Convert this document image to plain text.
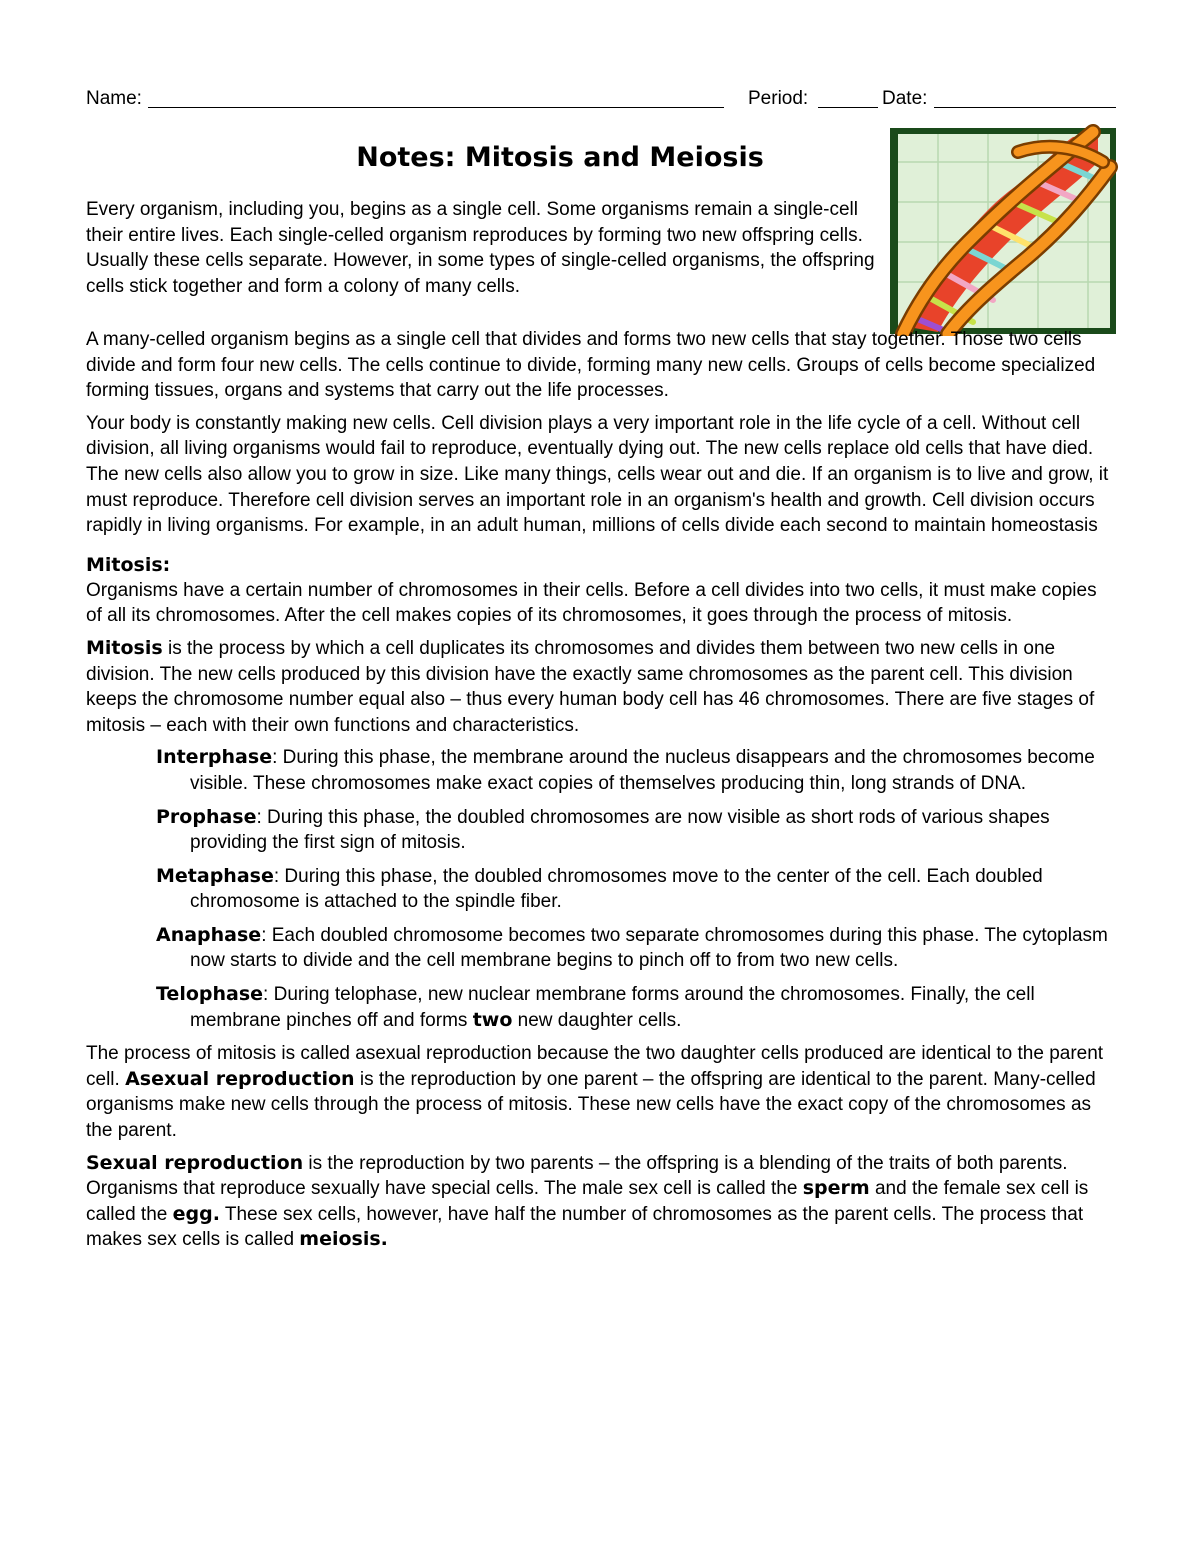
Name:	Period:	Date:
Notes: Mitosis and Meiosis

Every organism, including you, begins as a single cell. Some organisms remain a single-cell their entire lives. Each single-celled organism reproduces by forming two new offspring cells. Usually these cells separate. However, in some types of single-celled organisms, the offspring cells stick together and form a colony of many cells.

A many-celled organism begins as a single cell that divides and forms two new cells that stay together. Those two cells divide and form four new cells. The cells continue to divide, forming many new cells. Groups of cells become specialized forming tissues, organs and systems that carry out the life processes.

Your body is constantly making new cells. Cell division plays a very important role in the life cycle of a cell. Without cell division, all living organisms would fail to reproduce, eventually dying out. The new cells replace old cells that have died. The new cells also allow you to grow in size. Like many things, cells wear out and die. If an organism is to live and grow, it must reproduce. Therefore cell division serves an important role in an organism's health and growth. Cell division occurs rapidly in living organisms. For example, in an adult human, millions of cells divide each second to maintain homeostasis

Mitosis:

Organisms have a certain number of chromosomes in their cells. Before a cell divides into two cells, it must make copies of all its chromosomes. After the cell makes copies of its chromosomes, it goes through the process of mitosis.

Mitosis is the process by which a cell duplicates its chromosomes and divides them between two new cells in one division. The new cells produced by this division have the exactly same chromosomes as the parent cell. This division keeps the chromosome number equal also – thus every human body cell has 46 chromosomes. There are five stages of mitosis – each with their own functions and characteristics.

Interphase: During this phase, the membrane around the nucleus disappears and the chromosomes become visible. These chromosomes make exact copies of themselves producing thin, long strands of DNA.

Prophase: During this phase, the doubled chromosomes are now visible as short rods of various shapes providing the first sign of mitosis.

Metaphase: During this phase, the doubled chromosomes move to the center of the cell. Each doubled chromosome is attached to the spindle fiber.

Anaphase: Each doubled chromosome becomes two separate chromosomes during this phase. The cytoplasm now starts to divide and the cell membrane begins to pinch off to from two new cells.

Telophase: During telophase, new nuclear membrane forms around the chromosomes. Finally, the cell membrane pinches off and forms two new daughter cells.

The process of mitosis is called asexual reproduction because the two daughter cells produced are identical to the parent cell. Asexual reproduction is the reproduction by one parent – the offspring are identical to the parent. Many-celled organisms make new cells through the process of mitosis. These new cells have the exact copy of the chromosomes as the parent.

Sexual reproduction is the reproduction by two parents – the offspring is a blending of the traits of both parents. Organisms that reproduce sexually have special cells. The male sex cell is called the sperm and the female sex cell is called the egg. These sex cells, however, have half the number of chromosomes as the parent cells. The process that makes sex cells is called meiosis.
